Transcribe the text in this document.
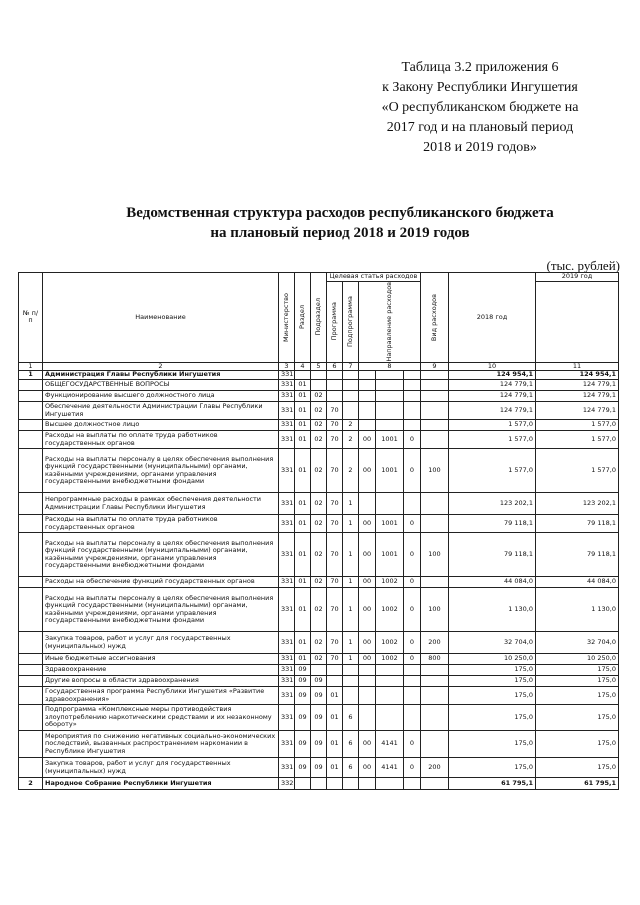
Таблица 3.2 приложения 6
к Закону Республики Ингушетия
«О республиканском бюджете на
2017 год и на плановый период
2018 и 2019 годов»
Ведомственная структура расходов республиканского бюджета
на плановый период 2018 и 2019 годов
(тыс. рублей)
№ п/п	Наименование	Министерство	Раздел	Подраздел	Целевая статья расходов					Вид расходов	2018 год	2019 год

					Программа	Подпрограмма	Направление расходов					

1	2	3	4	5	6	7	8			9	10	11
1	Администрация Главы Республики Ингушетия	331									124 954,1	124 954,1
	ОБЩЕГОСУДАРСТВЕННЫЕ ВОПРОСЫ	331	01								124 779,1	124 779,1
	Функционирование высшего должностного лица	331	01	02							124 779,1	124 779,1
	Обеспечение деятельности Администрации Главы Республики Ингушетия	331	01	02	70						124 779,1	124 779,1
	Высшее должностное лицо	331	01	02	70	2					1 577,0	1 577,0
	Расходы на выплаты по оплате труда работников государственных органов	331	01	02	70	2	00	1001	0		1 577,0	1 577,0
	Расходы на выплаты персоналу в целях обеспечения выполнения функций государственными (муниципальными) органами, казёнными учреждениями, органами управления государственными внебюджетными фондами	331	01	02	70	2	00	1001	0	100	1 577,0	1 577,0
	Непрограммные расходы в рамках обеспечения деятельности Администрации Главы Республики Ингушетия	331	01	02	70	1					123 202,1	123 202,1
	Расходы на выплаты по оплате труда работников государственных органов	331	01	02	70	1	00	1001	0		79 118,1	79 118,1
	Расходы на выплаты персоналу в целях обеспечения выполнения функций государственными (муниципальными) органами, казёнными учреждениями, органами управления государственными внебюджетными фондами	331	01	02	70	1	00	1001	0	100	79 118,1	79 118,1
	Расходы на обеспечение функций государственных органов	331	01	02	70	1	00	1002	0		44 084,0	44 084,0
	Расходы на выплаты персоналу в целях обеспечения выполнения функций государственными (муниципальными) органами, казёнными учреждениями, органами управления государственными внебюджетными фондами	331	01	02	70	1	00	1002	0	100	1 130,0	1 130,0
	Закупка товаров, работ и услуг для государственных (муниципальных) нужд	331	01	02	70	1	00	1002	0	200	32 704,0	32 704,0
	Иные бюджетные ассигнования	331	01	02	70	1	00	1002	0	800	10 250,0	10 250,0
	Здравоохранение	331	09								175,0	175,0
	Другие вопросы в области здравоохранения	331	09	09							175,0	175,0
	Государственная программа Республики Ингушетия «Развитие здравоохранения»	331	09	09	01						175,0	175,0
	Подпрограмма «Комплексные меры противодействия злоупотреблению наркотическими средствами и их незаконному обороту»	331	09	09	01	6					175,0	175,0
	Мероприятия по снижению негативных социально-экономических последствий, вызванных распространением наркомании в Республике Ингушетия	331	09	09	01	6	00	4141	0		175,0	175,0
	Закупка товаров, работ и услуг для государственных (муниципальных) нужд	331	09	09	01	6	00	4141	0	200	175,0	175,0
2	Народное Собрание Республики Ингушетия	332									61 795,1	61 795,1
